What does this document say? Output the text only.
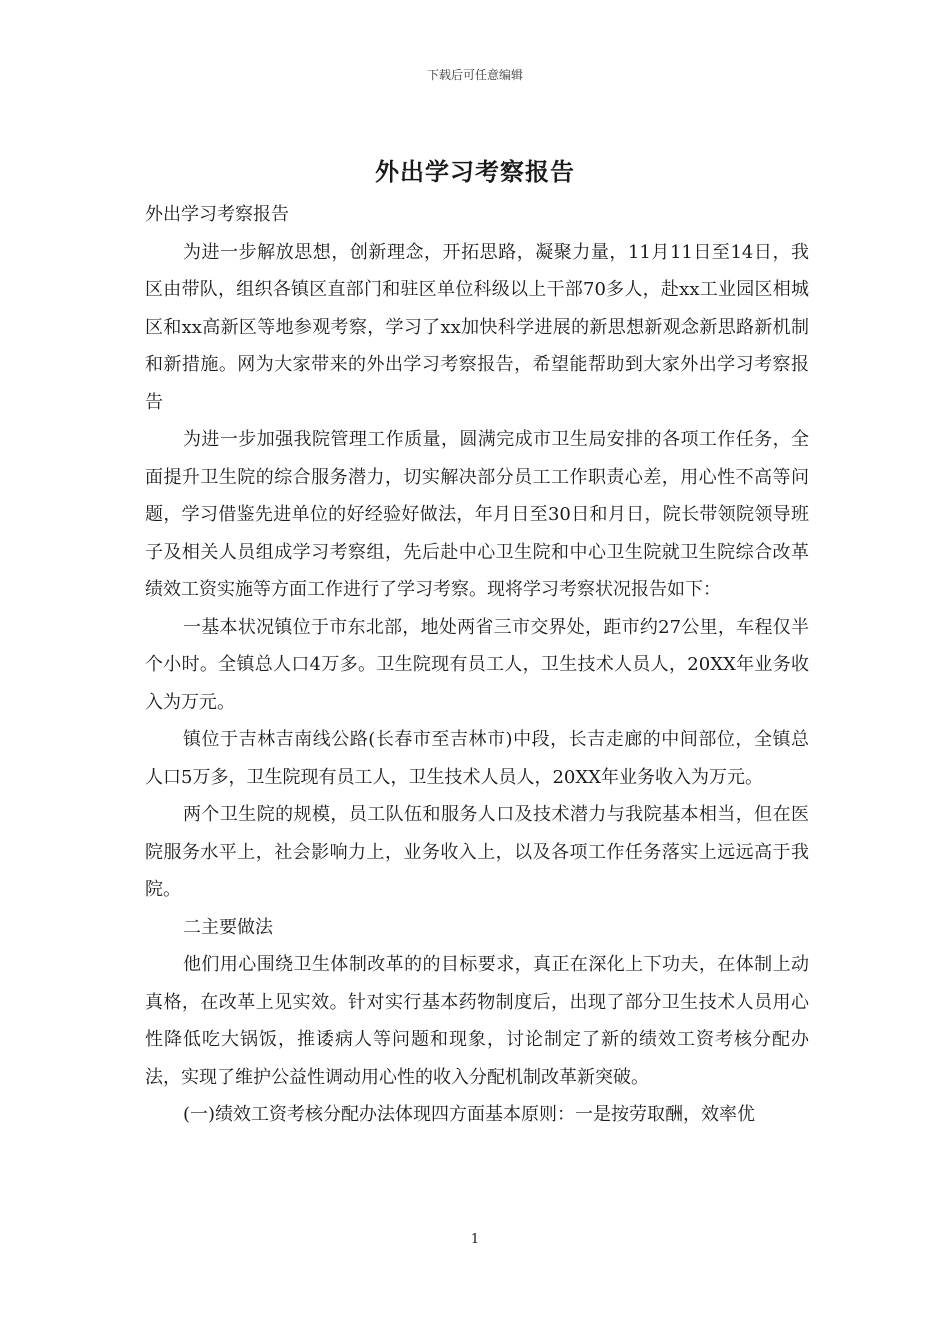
下载后可任意编辑
外出学习考察报告

外出学习考察报告

为进一步解放思想，创新理念，开拓思路，凝聚力量，11月11日至14日，我区由带队，组织各镇区直部门和驻区单位科级以上干部70多人，赴xx工业园区相城区和xx高新区等地参观考察，学习了xx加快科学进展的新思想新观念新思路新机制和新措施。网为大家带来的外出学习考察报告，希望能帮助到大家外出学习考察报告

为进一步加强我院管理工作质量，圆满完成市卫生局安排的各项工作任务，全面提升卫生院的综合服务潜力，切实解决部分员工工作职责心差，用心性不高等问题，学习借鉴先进单位的好经验好做法，年月日至30日和月日，院长带领院领导班子及相关人员组成学习考察组，先后赴中心卫生院和中心卫生院就卫生院综合改革绩效工资实施等方面工作进行了学习考察。现将学习考察状况报告如下：

一基本状况镇位于市东北部，地处两省三市交界处，距市约27公里，车程仅半个小时。全镇总人口4万多。卫生院现有员工人，卫生技术人员人，20XX年业务收入为万元。

镇位于吉林吉南线公路(长春市至吉林市)中段，长吉走廊的中间部位，全镇总人口5万多，卫生院现有员工人，卫生技术人员人，20XX年业务收入为万元。

两个卫生院的规模，员工队伍和服务人口及技术潜力与我院基本相当，但在医院服务水平上，社会影响力上，业务收入上，以及各项工作任务落实上远远高于我院。

二主要做法

他们用心围绕卫生体制改革的的目标要求，真正在深化上下功夫，在体制上动真格，在改革上见实效。针对实行基本药物制度后，出现了部分卫生技术人员用心性降低吃大锅饭，推诿病人等问题和现象，讨论制定了新的绩效工资考核分配办法，实现了维护公益性调动用心性的收入分配机制改革新突破。

(一)绩效工资考核分配办法体现四方面基本原则：一是按劳取酬，效率优

1
